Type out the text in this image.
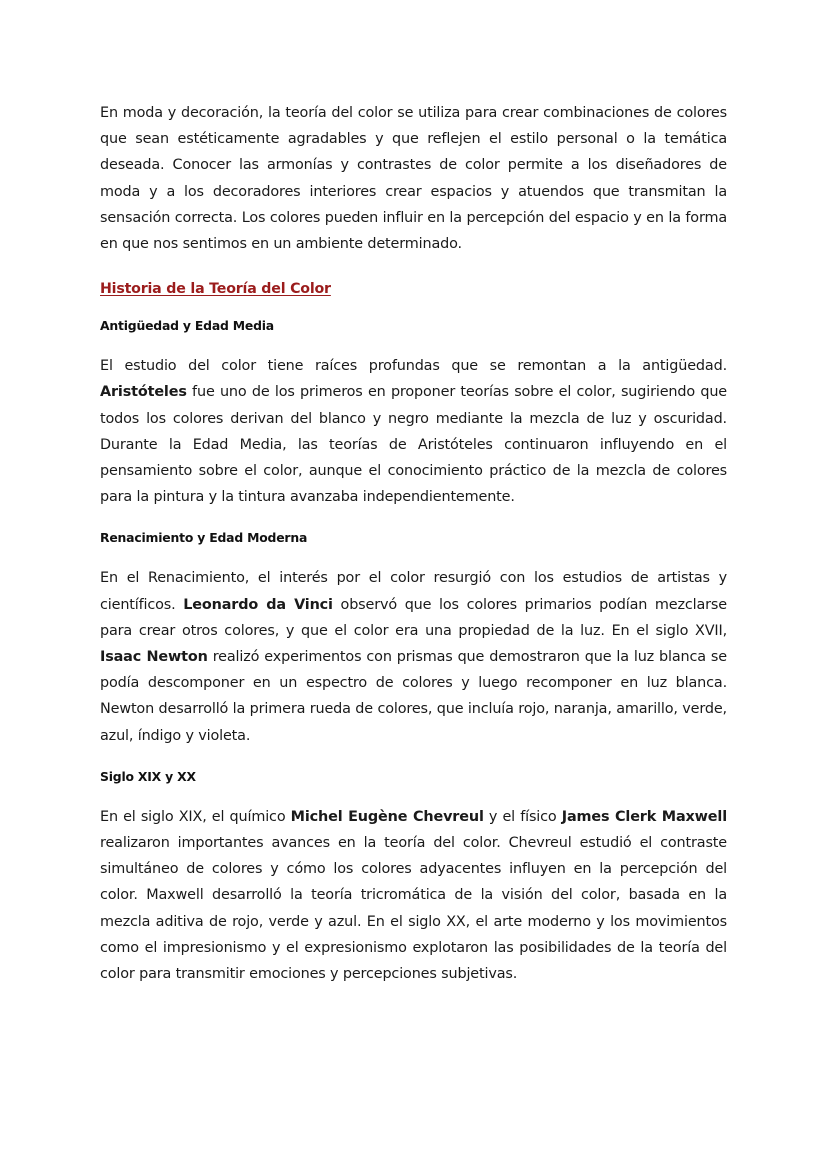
En moda y decoración, la teoría del color se utiliza para crear combinaciones de colores que sean estéticamente agradables y que reflejen el estilo personal o la temática deseada. Conocer las armonías y contrastes de color permite a los diseñadores de moda y a los decoradores interiores crear espacios y atuendos que transmitan la sensación correcta. Los colores pueden influir en la percepción del espacio y en la forma en que nos sentimos en un ambiente determinado.

Historia de la Teoría del Color
Antigüedad y Edad Media

El estudio del color tiene raíces profundas que se remontan a la antigüedad. Aristóteles fue uno de los primeros en proponer teorías sobre el color, sugiriendo que todos los colores derivan del blanco y negro mediante la mezcla de luz y oscuridad. Durante la Edad Media, las teorías de Aristóteles continuaron influyendo en el pensamiento sobre el color, aunque el conocimiento práctico de la mezcla de colores para la pintura y la tintura avanzaba independientemente.

Renacimiento y Edad Moderna

En el Renacimiento, el interés por el color resurgió con los estudios de artistas y científicos. Leonardo da Vinci observó que los colores primarios podían mezclarse para crear otros colores, y que el color era una propiedad de la luz. En el siglo XVII, Isaac Newton realizó experimentos con prismas que demostraron que la luz blanca se podía descomponer en un espectro de colores y luego recomponer en luz blanca. Newton desarrolló la primera rueda de colores, que incluía rojo, naranja, amarillo, verde, azul, índigo y violeta.

Siglo XIX y XX

En el siglo XIX, el químico Michel Eugène Chevreul y el físico James Clerk Maxwell realizaron importantes avances en la teoría del color. Chevreul estudió el contraste simultáneo de colores y cómo los colores adyacentes influyen en la percepción del color. Maxwell desarrolló la teoría tricromática de la visión del color, basada en la mezcla aditiva de rojo, verde y azul. En el siglo XX, el arte moderno y los movimientos como el impresionismo y el expresionismo explotaron las posibilidades de la teoría del color para transmitir emociones y percepciones subjetivas.
